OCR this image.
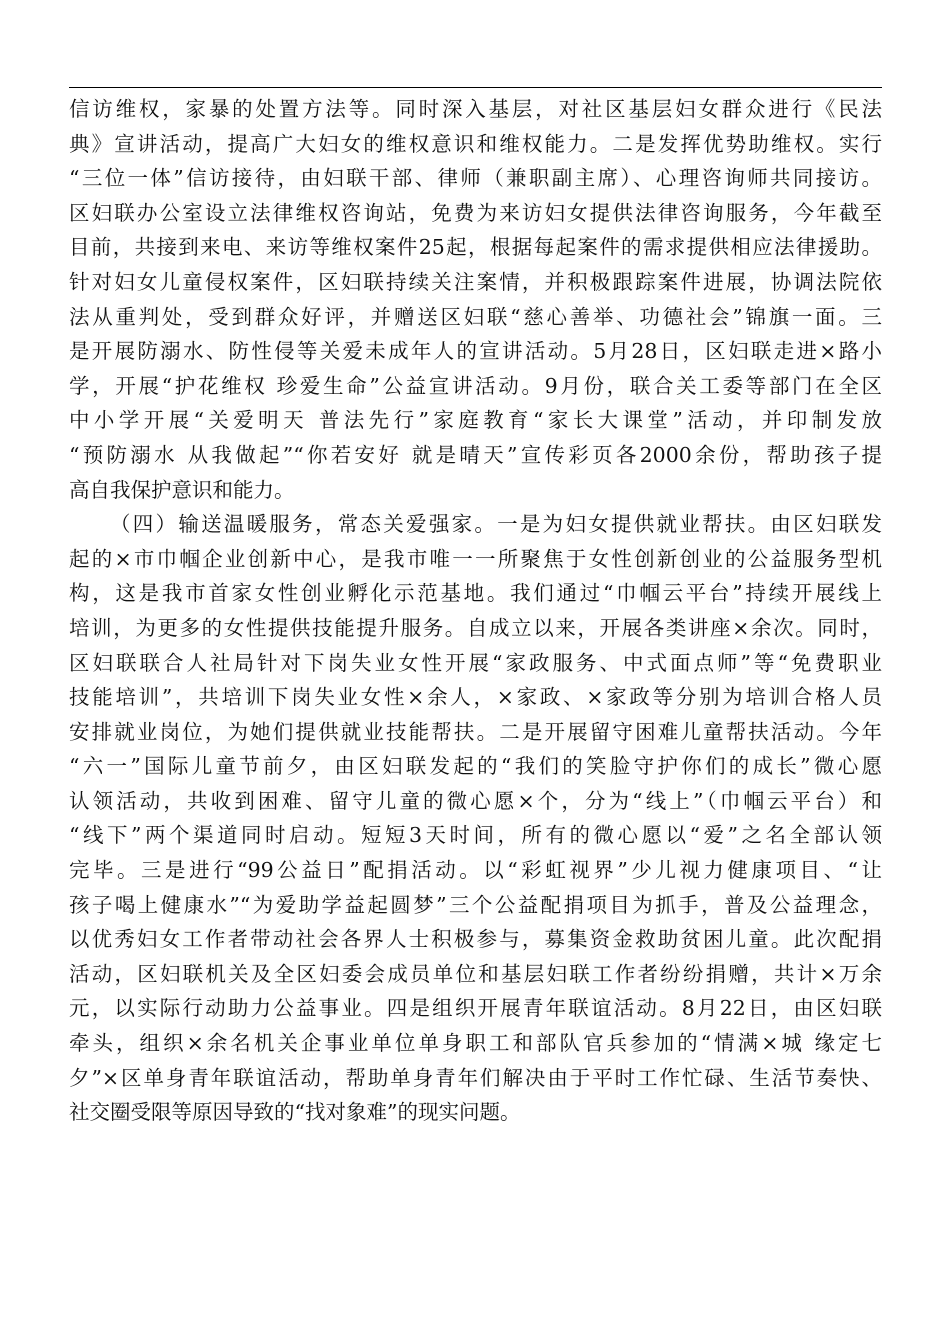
信访维权，家暴的处置方法等。同时深入基层，对社区基层妇女群众进行《民法
典》宣讲活动，提高广大妇女的维权意识和维权能力。二是发挥优势助维权。实行
“三位一体”信访接待，由妇联干部、律师（兼职副主席）、心理咨询师共同接访。
区妇联办公室设立法律维权咨询站，免费为来访妇女提供法律咨询服务，今年截至
目前，共接到来电、来访等维权案件25起，根据每起案件的需求提供相应法律援助。
针对妇女儿童侵权案件，区妇联持续关注案情，并积极跟踪案件进展，协调法院依
法从重判处，受到群众好评，并赠送区妇联“慈心善举、功德社会”锦旗一面。三
是开展防溺水、防性侵等关爱未成年人的宣讲活动。5月28日，区妇联走进×路小
学，开展“护花维权 珍爱生命”公益宣讲活动。9月份，联合关工委等部门在全区
中小学开展“关爱明天 普法先行”家庭教育“家长大课堂”活动，并印制发放
“预防溺水 从我做起”“你若安好 就是晴天”宣传彩页各2000余份，帮助孩子提
高自我保护意识和能力。
（四）输送温暖服务，常态关爱强家。一是为妇女提供就业帮扶。由区妇联发
起的×市巾帼企业创新中心，是我市唯一一所聚焦于女性创新创业的公益服务型机
构，这是我市首家女性创业孵化示范基地。我们通过“巾帼云平台”持续开展线上
培训，为更多的女性提供技能提升服务。自成立以来，开展各类讲座×余次。同时，
区妇联联合人社局针对下岗失业女性开展“家政服务、中式面点师”等“免费职业
技能培训”，共培训下岗失业女性×余人，×家政、×家政等分别为培训合格人员
安排就业岗位，为她们提供就业技能帮扶。二是开展留守困难儿童帮扶活动。今年
“六一”国际儿童节前夕，由区妇联发起的“我们的笑脸守护你们的成长”微心愿
认领活动，共收到困难、留守儿童的微心愿×个，分为“线上”（巾帼云平台）和
“线下”两个渠道同时启动。短短3天时间，所有的微心愿以“爱”之名全部认领
完毕。三是进行“99公益日”配捐活动。以“彩虹视界”少儿视力健康项目、“让
孩子喝上健康水”“为爱助学益起圆梦”三个公益配捐项目为抓手，普及公益理念，
以优秀妇女工作者带动社会各界人士积极参与，募集资金救助贫困儿童。此次配捐
活动，区妇联机关及全区妇委会成员单位和基层妇联工作者纷纷捐赠，共计×万余
元，以实际行动助力公益事业。四是组织开展青年联谊活动。8月22日，由区妇联
牵头，组织×余名机关企事业单位单身职工和部队官兵参加的“情满×城 缘定七
夕”×区单身青年联谊活动，帮助单身青年们解决由于平时工作忙碌、生活节奏快、
社交圈受限等原因导致的“找对象难”的现实问题。
